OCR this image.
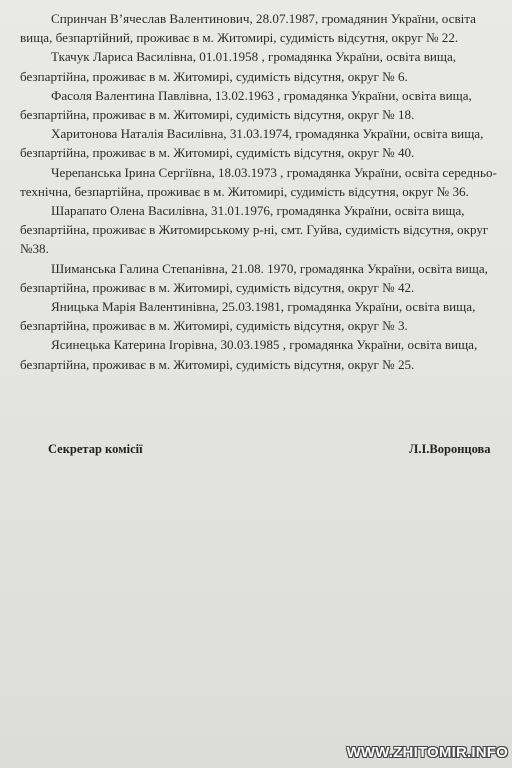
Спринчан В’ячеслав Валентинович, 28.07.1987, громадянин України, освіта
вища, безпартійний, проживає в м. Житомирі, судимість відсутня, округ № 22.
Ткачук Лариса Василівна, 01.01.1958 , громадянка України, освіта вища,
безпартійна, проживає в м. Житомирі, судимість відсутня, округ № 6.
Фасоля Валентина Павлівна, 13.02.1963 , громадянка України, освіта вища,
безпартійна, проживає в м. Житомирі, судимість відсутня, округ № 18.
Харитонова Наталія Василівна, 31.03.1974, громадянка України, освіта вища,
безпартійна, проживає в м. Житомирі, судимість відсутня, округ № 40.
Черепанська Ірина Сергіївна, 18.03.1973 , громадянка України, освіта середньо-
технічна, безпартійна, проживає в м. Житомирі, судимість відсутня, округ № 36.
Шарапато Олена Василівна, 31.01.1976, громадянка України, освіта вища,
безпартійна, проживає в Житомирському р-ні, смт. Гуйва, судимість відсутня, округ
№38.
Шиманська Галина Степанівна, 21.08. 1970, громадянка України, освіта вища,
безпартійна, проживає в м. Житомирі, судимість відсутня, округ № 42.
Яницька Марія Валентинівна, 25.03.1981, громадянка України, освіта вища,
безпартійна, проживає в м. Житомирі, судимість відсутня, округ № 3.
Ясинецька Катерина Ігорівна, 30.03.1985 , громадянка України, освіта вища,
безпартійна, проживає в м. Житомирі, судимість відсутня, округ № 25.
Секретар комісії	Л.І.Воронцова
WWW.ZHITOMIR.INFO
